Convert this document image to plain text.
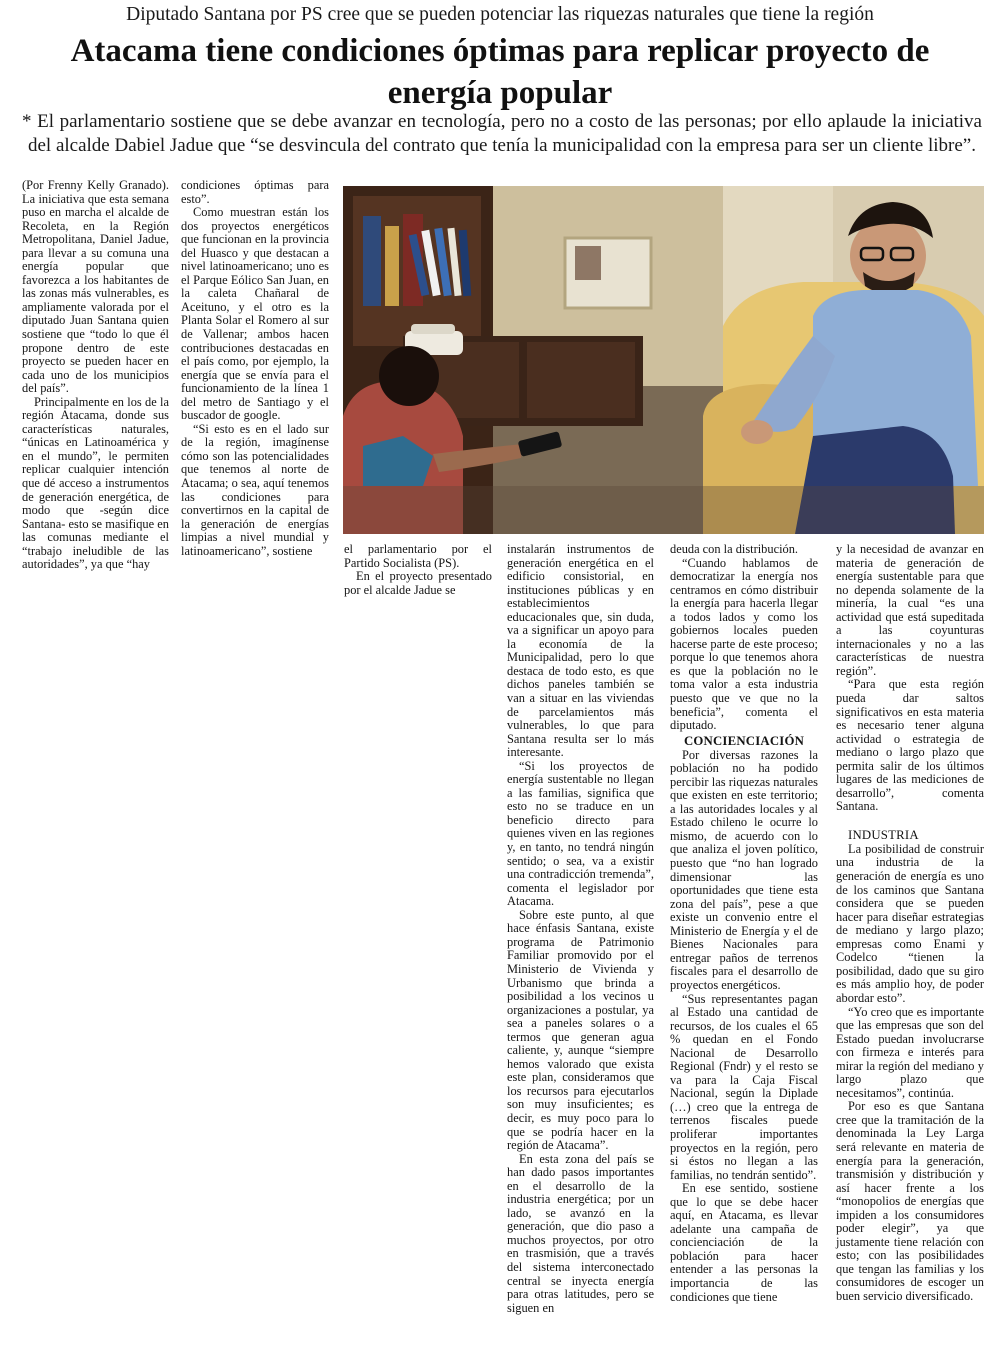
Diputado Santana por PS cree que se pueden potenciar las riquezas naturales que tiene la región
Atacama tiene condiciones óptimas para replicar proyecto de energía popular
* El parlamentario sostiene que se debe avanzar en tecnología, pero no a costo de las personas; por ello aplaude la iniciativa del alcalde Dabiel Jadue que “se desvincula del contrato que tenía la municipalidad con la empresa para ser un cliente libre”.

(Por Frenny Kelly Granado). La iniciativa que esta semana puso en marcha el alcalde de Recoleta, en la Región Metropolitana, Daniel Jadue, para llevar a su comuna una energía popular que favorezca a los habitantes de las zonas más vulnerables, es ampliamente valorada por el diputado Juan Santana quien sostiene que “todo lo que él propone dentro de este proyecto se pueden hacer en cada uno de los municipios del país”.

Principalmente en los de la región Atacama, donde sus características naturales, “únicas en Latinoamérica y en el mundo”, le permiten replicar cualquier intención que dé acceso a instrumentos de generación energética, de modo que -según dice Santana- esto se masifique en las comunas mediante el “trabajo ineludible de las autoridades”, ya que “hay

condiciones óptimas para esto”.

Como muestran están los dos proyectos energéticos que funcionan en la provincia del Huasco y que destacan a nivel latinoamericano; uno es el Parque Eólico San Juan, en la caleta Chañaral de Aceituno, y el otro es la Planta Solar el Romero al sur de Vallenar; ambos hacen contribuciones destacadas en el país como, por ejemplo, la energía que se envía para el funcionamiento de la línea 1 del metro de Santiago y el buscador de google.

“Si esto es en el lado sur de la región, imagínense cómo son las potencialidades que tenemos al norte de Atacama; o sea, aquí tenemos las condiciones para convertirnos en la capital de la generación de energías limpias a nivel mundial y latinoamericano”, sostiene	el parlamentario por el Partido Socialista (PS).

En el proyecto presentado por el alcalde Jadue se

instalarán instrumentos de generación energética en el edificio consistorial, en instituciones públicas y en establecimientos educacionales que, sin duda, va a significar un apoyo para la economía de la Municipalidad, pero lo que destaca de todo esto, es que dichos paneles también se van a situar en las viviendas de parcelamientos más vulnerables, lo que para Santana resulta ser lo más interesante.

“Si los proyectos de energía sustentable no llegan a las familias, significa que esto no se traduce en un beneficio directo para quienes viven en las regiones y, en tanto, no tendrá ningún sentido; o sea, va a existir una contradicción tremenda”, comenta el legislador por Atacama.

Sobre este punto, al que hace énfasis Santana, existe programa de Patrimonio Familiar promovido por el Ministerio de Vivienda y Urbanismo que brinda a posibilidad a los vecinos u organizaciones a postular, ya sea a paneles solares o a termos que generan agua caliente, y, aunque “siempre hemos valorado que exista este plan, consideramos que los recursos para ejecutarlos son muy insuficientes; es decir, es muy poco para lo que se podría hacer en la región de Atacama”.

En esta zona del país se han dado pasos importantes en el desarrollo de la industria energética; por un lado, se avanzó en la generación, que dio paso a muchos proyectos, por otro en trasmisión, que a través del sistema interconectado central se inyecta energía para otras latitudes, pero se siguen en

deuda con la distribución.

“Cuando hablamos de democratizar la energía nos centramos en cómo distribuir la energía para hacerla llegar a todos lados y como los gobiernos locales pueden hacerse parte de este proceso; porque lo que tenemos ahora es que la población no le toma valor a esta industria puesto que ve que no la beneficia”, comenta el diputado.

CONCIENCIACIÓN

Por diversas razones la población no ha podido percibir las riquezas naturales que existen en este territorio; a las autoridades locales y al Estado chileno le ocurre lo mismo, de acuerdo con lo que analiza el joven político, puesto que “no han logrado dimensionar las oportunidades que tiene esta zona del país”, pese a que existe un convenio entre el Ministerio de Energía y el de Bienes Nacionales para entregar paños de terrenos fiscales para el desarrollo de proyectos energéticos.

“Sus representantes pagan al Estado una cantidad de recursos, de los cuales el 65 % quedan en el Fondo Nacional de Desarrollo Regional (Fndr) y el resto se va para la Caja Fiscal Nacional, según la Diplade (…) creo que la entrega de terrenos fiscales puede proliferar importantes proyectos en la región, pero si éstos no llegan a las familias, no tendrán sentido”.

En ese sentido, sostiene que lo que se debe hacer aquí, en Atacama, es llevar adelante una campaña de concienciación de la población para hacer entender a las personas la importancia de las condiciones que tiene

y la necesidad de avanzar en materia de generación de energía sustentable para que no dependa solamente de la minería, la cual “es una actividad que está supeditada a las coyunturas internacionales y no a las características de nuestra región”.

“Para que esta región pueda dar saltos significativos en esta materia es necesario tener alguna actividad o estrategia de mediano o largo plazo que permita salir de los últimos lugares de las mediciones de desarrollo”, comenta Santana.

INDUSTRIA

La posibilidad de construir una industria de la generación de energía es uno de los caminos que Santana considera que se pueden hacer para diseñar estrategias de mediano y largo plazo; empresas como Enami y Codelco “tienen la posibilidad, dado que su giro es más amplio hoy, de poder abordar esto”.

“Yo creo que es importante que las empresas que son del Estado puedan involucrarse con firmeza e interés para mirar la región del mediano y largo plazo que necesitamos”, continúa.

Por eso es que Santana cree que la tramitación de la denominada la Ley Larga será relevante en materia de energía para la generación, transmisión y distribución y así hacer frente a los “monopolios de energías que impiden a los consumidores poder elegir”, ya que justamente tiene relación con esto; con las posibilidades que tengan las familias y los consumidores de escoger un buen servicio diversificado.
